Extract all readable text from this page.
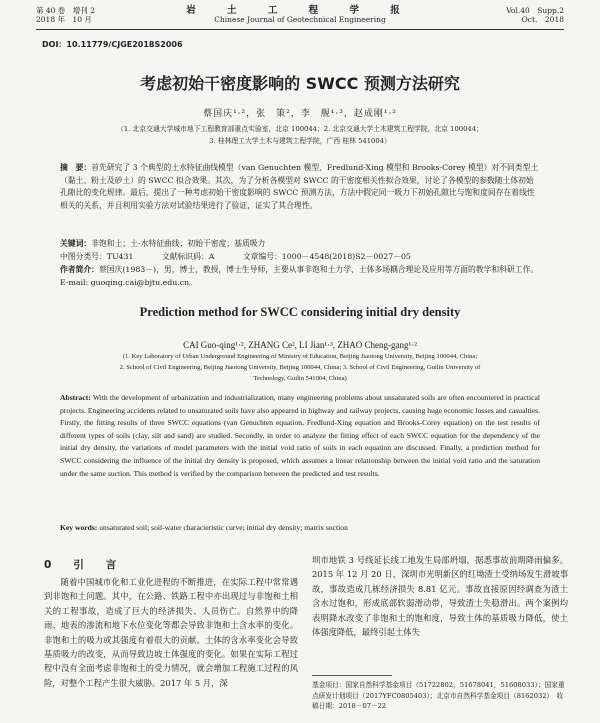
第 40 卷　增刊 2
2018 年　10 月
岩 土 工 程 学 报
Chinese Journal of Geotechnical Engineering
Vol.40　Supp.2
Oct.　2018
DOI：10.11779/CJGE2018S2006
考虑初始干密度影响的 SWCC 预测方法研究
蔡国庆¹·²，张　策²，李　舰¹·³，赵成刚¹·²
（1. 北京交通大学城市地下工程教育部重点实验室，北京 100044；2. 北京交通大学土木建筑工程学院，北京 100044；
3. 桂林理工大学土木与建筑工程学院，广西 桂林 541004）
摘　要：首先研究了 3 个典型的土水特征曲线模型（van Genuchten 模型、Fredlund-Xing 模型和 Brooks-Corey 模型）对不同类型土（黏土、粉土及砂土）的 SWCC 拟合效果。其次，为了分析各模型对 SWCC 的干密度相关性拟合效果，讨论了各模型的参数随土体初始孔隙比的变化规律。最后，提出了一种考虑初始干密度影响的 SWCC 预测方法，方法中假定同一吸力下初始孔隙比与饱和度间存在着线性相关的关系，并且利用实验方法对试验结果进行了验证，证实了其合理性。
关键词：非饱和土；土-水特征曲线；初始干密度；基质吸力
中图分类号：TU431	文献标识码：A	文章编号：1000－4548(2018)S2－0027－05
作者简介：蔡国庆(1983－)，男，博士，教授，博士生导师，主要从事非饱和土力学、土体多场耦合理论及应用等方面的教学和科研工作。E-mail: guoqing.cai@bjtu.edu.cn。
Prediction method for SWCC considering initial dry density
CAI Guo-qing¹·², ZHANG Ce², LI Jian¹·³, ZHAO Cheng-gang¹·²
(1. Key Laboratory of Urban Underground Engineering of Ministry of Education, Beijing Jiaotong University, Beijing 100044, China;
2. School of Civil Engineering, Beijing Jiaotong University, Beijing 100044, China; 3. School of Civil Engineering, Guilin University of
Technology, Guilin 541004, China)
Abstract: With the development of urbanization and industrialization, many engineering problems about unsaturated soils are often encountered in practical projects. Engineering accidents related to unsaturated soils have also appeared in highway and railway projects, causing huge economic losses and casualties. Firstly, the fitting results of three SWCC equations (van Genuchten equation, Fredlund-Xing equation and Brooks-Corey equation) on the test results of different types of soils (clay, silt and sand) are studied. Secondly, in order to analyze the fitting effect of each SWCC equation for the dependency of the initial dry density, the variations of model parameters with the initial void ratio of soils in each equation are discussed. Finally, a prediction method for SWCC considering the influence of the initial dry density is proposed, which assumes a linear relationship between the initial void ratio and the saturation under the same suction. This method is verified by the comparison between the predicted and test results.
Key words: unsaturated soil; soil-water characteristic curve; initial dry density; matrix suction
0 引言
随着中国城市化和工业化进程的不断推进，在实际工程中常常遇到非饱和土问题。其中，在公路、铁路工程中亦出现过与非饱和土相关的工程事故，造成了巨大的经济损失、人员伤亡。自然界中的降雨、地表的渗流和地下水位变化等都会导致非饱和土含水率的变化。非饱和土的吸力或其强度有着很大的贡献。土体的含水率变化会导致基质吸力的改变，从而导致边坡土体强度的变化。如果在实际工程过程中没有全面考虑非饱和土的受力情况，就会增加工程施工过程的风险，对整个工程产生很大威胁。2017 年 5 月，深
圳市地铁 3 号线延长线工地发生局部坍塌，据悉事故前期降雨偏多。2015 年 12 月 20 日，深圳市光明新区的红坳渣土受纳场发生滑坡事故，事故造成几栋经济损失 8.81 亿元。事故直接原因经调查为渣土含水过饱和，形成底部软弱滑动带，导致渣土失稳滑出。两个案例均表明降水改变了非饱和土的饱和度，导致土体的基质吸力降低，使土体强度降低，最终引起土体失
基金项目：国家自然科学基金项目（51722802，51678041，51608033）；国家重点研发计划项目（2017YFC0805403）；北京市自然科学基金项目（8162032）　收稿日期：2018－07－22
